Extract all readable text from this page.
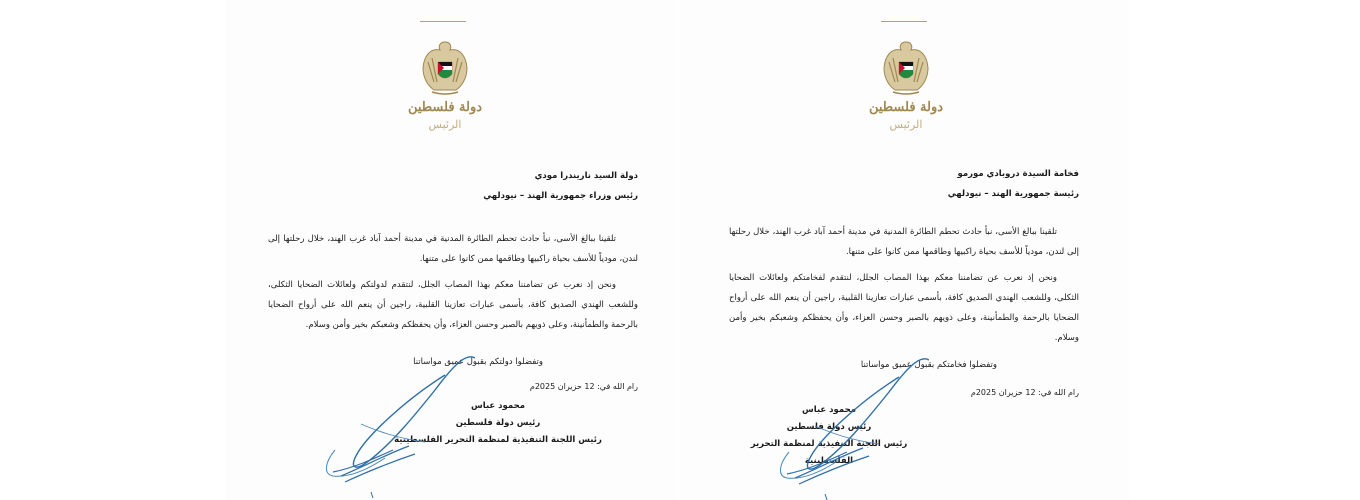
دولة فلسطين
الرئيس
دولة السيد ناريندرا مودي
رئيس وزراء جمهورية الهند – نيودلهي

تلقينا ببالغ الأسى، نبأ حادث تحطم الطائرة المدنية في مدينة أحمد آباد غرب الهند، خلال رحلتها إلى لندن، مودياً للأسف بحياة راكبيها وطاقمها ممن كانوا على متنها.

ونحن إذ نعرب عن تضامننا معكم بهذا المصاب الجلل، لنتقدم لدولتكم ولعائلات الضحايا الثكلى، وللشعب الهندي الصديق كافة، بأسمى عبارات تعازينا القلبية، راجين أن ينعم الله على أرواح الضحايا بالرحمة والطمأنينة، وعلى ذويهم بالصبر وحسن العزاء، وأن يحفظكم وشعبكم بخير وأمن وسلام.

وتفضلوا دولتكم بقبول عميق مواساتنا
رام الله في: 12 حزيران 2025م
محمود عباس
رئيس دولة فلسطين
رئيس اللجنة التنفيذية لمنظمة التحرير الفلسطينية
دولة فلسطين
الرئيس
فخامة السيدة دروبادي مورمو
رئيسة جمهورية الهند – نيودلهي

تلقينا ببالغ الأسى، نبأ حادث تحطم الطائرة المدنية في مدينة أحمد آباد غرب الهند، خلال رحلتها إلى لندن، مودياً للأسف بحياة راكبيها وطاقمها ممن كانوا على متنها.

ونحن إذ نعرب عن تضامننا معكم بهذا المصاب الجلل، لنتقدم لفخامتكم ولعائلات الضحايا الثكلى، وللشعب الهندي الصديق كافة، بأسمى عبارات تعازينا القلبية، راجين أن ينعم الله على أرواح الضحايا بالرحمة والطمأنينة، وعلى ذويهم بالصبر وحسن العزاء، وأن يحفظكم وشعبكم بخير وأمن وسلام.

وتفضلوا فخامتكم بقبول عميق مواساتنا
رام الله في: 12 حزيران 2025م
محمود عباس
رئيس دولة فلسطين
رئيس اللجنة التنفيذية لمنظمة التحرير الفلسطينية
